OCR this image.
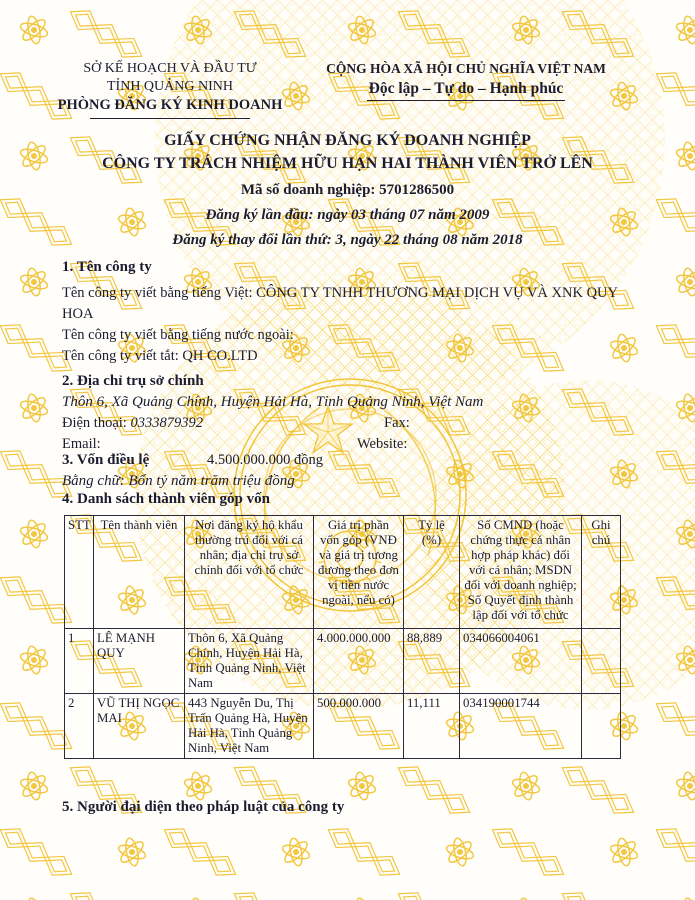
SỞ KẾ HOẠCH VÀ ĐẦU TƯ
TỈNH QUẢNG NINH
PHÒNG ĐĂNG KÝ KINH DOANH
CỘNG HÒA XÃ HỘI CHỦ NGHĨA VIỆT NAM
Độc lập – Tự do – Hạnh phúc
GIẤY CHỨNG NHẬN ĐĂNG KÝ DOANH NGHIỆP
CÔNG TY TRÁCH NHIỆM HỮU HẠN HAI THÀNH VIÊN TRỞ LÊN
Mã số doanh nghiệp: 5701286500
Đăng ký lần đầu: ngày 03 tháng 07 năm 2009
Đăng ký thay đổi lần thứ: 3, ngày 22 tháng 08 năm 2018
1. Tên công ty
Tên công ty viết bằng tiếng Việt: CÔNG TY TNHH THƯƠNG MẠI DỊCH VỤ VÀ XNK QUY HOA
Tên công ty viết bằng tiếng nước ngoài:
Tên công ty viết tắt: QH CO.LTD
2. Địa chỉ trụ sở chính
Thôn 6, Xã Quảng Chính, Huyện Hải Hà, Tỉnh Quảng Ninh, Việt Nam
Điện thoại: 0333879392	Fax:
Email:	Website:
3. Vốn điều lệ	4.500.000.000 đồng
Bằng chữ: Bốn tỷ năm trăm triệu đồng
4. Danh sách thành viên góp vốn
STT	Tên thành viên	Nơi đăng ký hộ khẩu thường trú đối với cá nhân; địa chỉ trụ sở chính đối với tổ chức	Giá trị phần vốn góp (VNĐ và giá trị tương đương theo đơn vị tiền nước ngoài, nếu có)	Tỷ lệ (%)	Số CMND (hoặc chứng thực cá nhân hợp pháp khác) đối với cá nhân; MSDN đối với doanh nghiệp; Số Quyết định thành lập đối với tổ chức	Ghi chú
1	LÊ MẠNH QUY	Thôn 6, Xã Quảng Chính, Huyện Hải Hà, Tỉnh Quảng Ninh, Việt Nam	4.000.000.000	88,889	034066004061	
2	VŨ THỊ NGỌC MAI	443 Nguyễn Du, Thị Trấn Quảng Hà, Huyện Hải Hà, Tỉnh Quảng Ninh, Việt Nam	500.000.000	11,111	034190001744	
5. Người đại diện theo pháp luật của công ty
